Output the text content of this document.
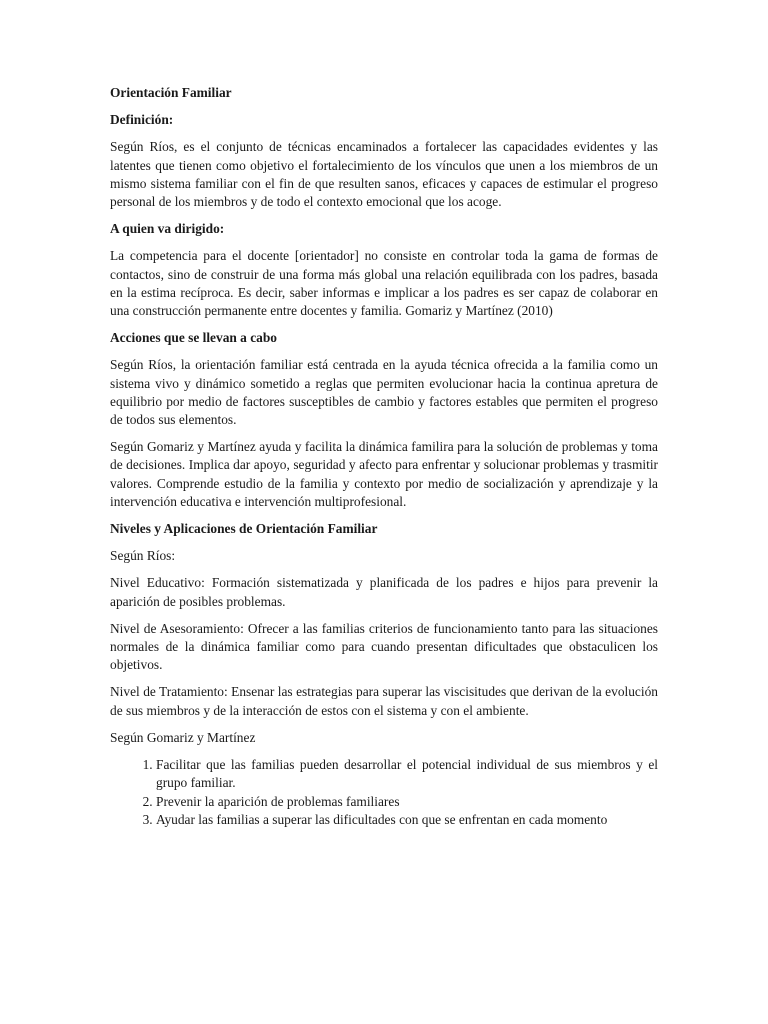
Orientación Familiar
Definición:

Según Ríos, es el conjunto de técnicas encaminados a fortalecer las capacidades evidentes y las latentes que tienen como objetivo el fortalecimiento de los vínculos que unen a los miembros de un mismo sistema familiar con el fin de que resulten sanos, eficaces y capaces de estimular el progreso personal de los miembros y de todo el contexto emocional que los acoge.

A quien va dirigido:

La competencia para el docente [orientador] no consiste en controlar toda la gama de formas de contactos, sino de construir de una forma más global una relación equilibrada con los padres, basada en la estima recíproca. Es decir, saber informas e implicar a los padres es ser capaz de colaborar en una construcción permanente entre docentes y familia. Gomariz y Martínez (2010)

Acciones que se llevan a cabo

Según Ríos, la orientación familiar está centrada en la ayuda técnica ofrecida a la familia como un sistema vivo y dinámico sometido a reglas que permiten evolucionar hacia la continua apretura de equilibrio por medio de factores susceptibles de cambio y factores estables que permiten el progreso de todos sus elementos.

Según Gomariz y Martínez ayuda y facilita la dinámica familira para la solución de problemas y toma de decisiones. Implica dar apoyo, seguridad y afecto para enfrentar y solucionar problemas y trasmitir valores. Comprende estudio de la familia y contexto por medio de socialización y aprendizaje y la intervención educativa e intervención multiprofesional.

Niveles y Aplicaciones de Orientación Familiar

Según Ríos:

Nivel Educativo: Formación sistematizada y planificada de los padres e hijos para prevenir la aparición de posibles problemas.

Nivel de Asesoramiento: Ofrecer a las familias criterios de funcionamiento tanto para las situaciones normales de la dinámica familiar como para cuando presentan dificultades que obstaculicen los objetivos.

Nivel de Tratamiento: Ensenar las estrategias para superar las viscisitudes que derivan de la evolución de sus miembros y de la interacción de estos con el sistema y con el ambiente.

Según Gomariz y Martínez

1. Facilitar que las familias pueden desarrollar el potencial individual de sus miembros y el grupo familiar.
2. Prevenir la aparición de problemas familiares
3. Ayudar las familias a superar las dificultades con que se enfrentan en cada momento
